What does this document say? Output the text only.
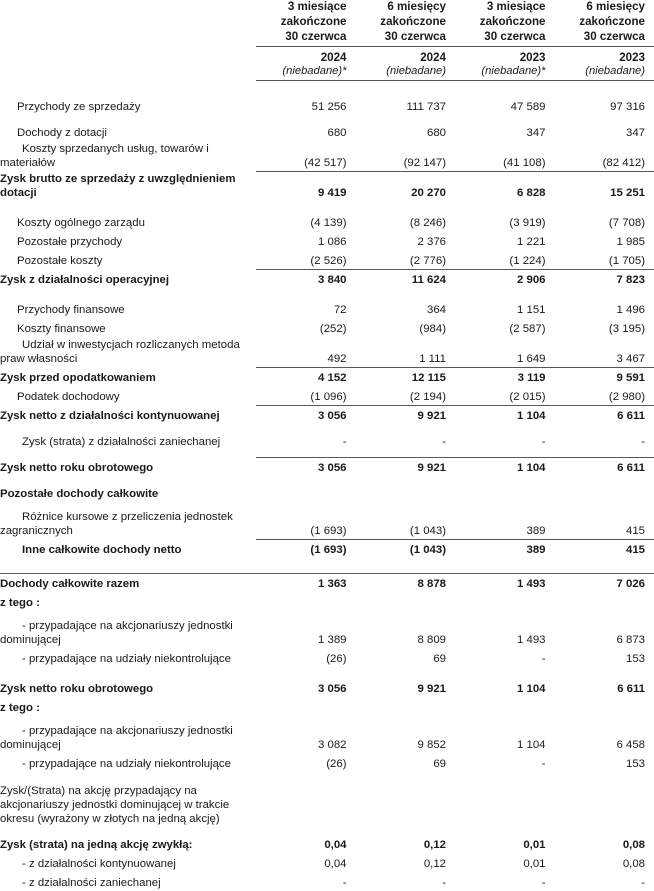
	3 miesiące
zakończone
30 czerwca	6 miesięcy
zakończone
30 czerwca	3 miesiące
zakończone
30 czerwca	6 miesięcy
zakończone
30 czerwca
	2024	2024	2023	2023
	(niebadane)*	(niebadane)	(niebadane)*	(niebadane)

Przychody ze sprzedaży	51 256	111 737	47 589	97 316

Dochody z dotacji	680	680	347	347
Koszty sprzedanych usług, towarów i materiałów	(42 517)	(92 147)	(41 108)	(82 412)
Zysk brutto ze sprzedaży z uwzględnieniem dotacji	9 419	20 270	6 828	15 251

Koszty ogólnego zarządu	(4 139)	(8 246)	(3 919)	(7 708)
Pozostałe przychody	1 086	2 376	1 221	1 985
Pozostałe koszty	(2 526)	(2 776)	(1 224)	(1 705)
Zysk z działalności operacyjnej	3 840	11 624	2 906	7 823

Przychody finansowe	72	364	1 151	1 496
Koszty finansowe	(252)	(984)	(2 587)	(3 195)
Udział w inwestycjach rozliczanych metoda praw własności	492	1 111	1 649	3 467
Zysk przed opodatkowaniem	4 152	12 115	3 119	9 591
Podatek dochodowy	(1 096)	(2 194)	(2 015)	(2 980)
Zysk netto z działalności kontynuowanej	3 056	9 921	1 104	6 611

Zysk (strata) z działalności zaniechanej	-	-	-	-

Zysk netto roku obrotowego	3 056	9 921	1 104	6 611

Pozostałe dochody całkowite				

Różnice kursowe z przeliczenia jednostek zagranicznych	(1 693)	(1 043)	389	415
Inne całkowite dochody netto	(1 693)	(1 043)	389	415

Dochody całkowite razem	1 363	8 878	1 493	7 026
z tego :				

- przypadające na akcjonariuszy jednostki dominującej	1 389	8 809	1 493	6 873
- przypadające na udziały niekontrolujące	(26)	69	-	153

Zysk netto roku obrotowego	3 056	9 921	1 104	6 611
z tego :				

- przypadające na akcjonariuszy jednostki dominującej	3 082	9 852	1 104	6 458
- przypadające na udziały niekontrolujące	(26)	69	-	153

Zysk/(Strata) na akcję przypadający na akcjonariuszy jednostki dominującej w trakcie okresu (wyrażony w złotych na jedną akcję)				

Zysk (strata) na jedną akcję zwykłą:	0,04	0,12	0,01	0,08
- z działalności kontynuowanej	0,04	0,12	0,01	0,08
- z działalności zaniechanej	-	-	-	-
